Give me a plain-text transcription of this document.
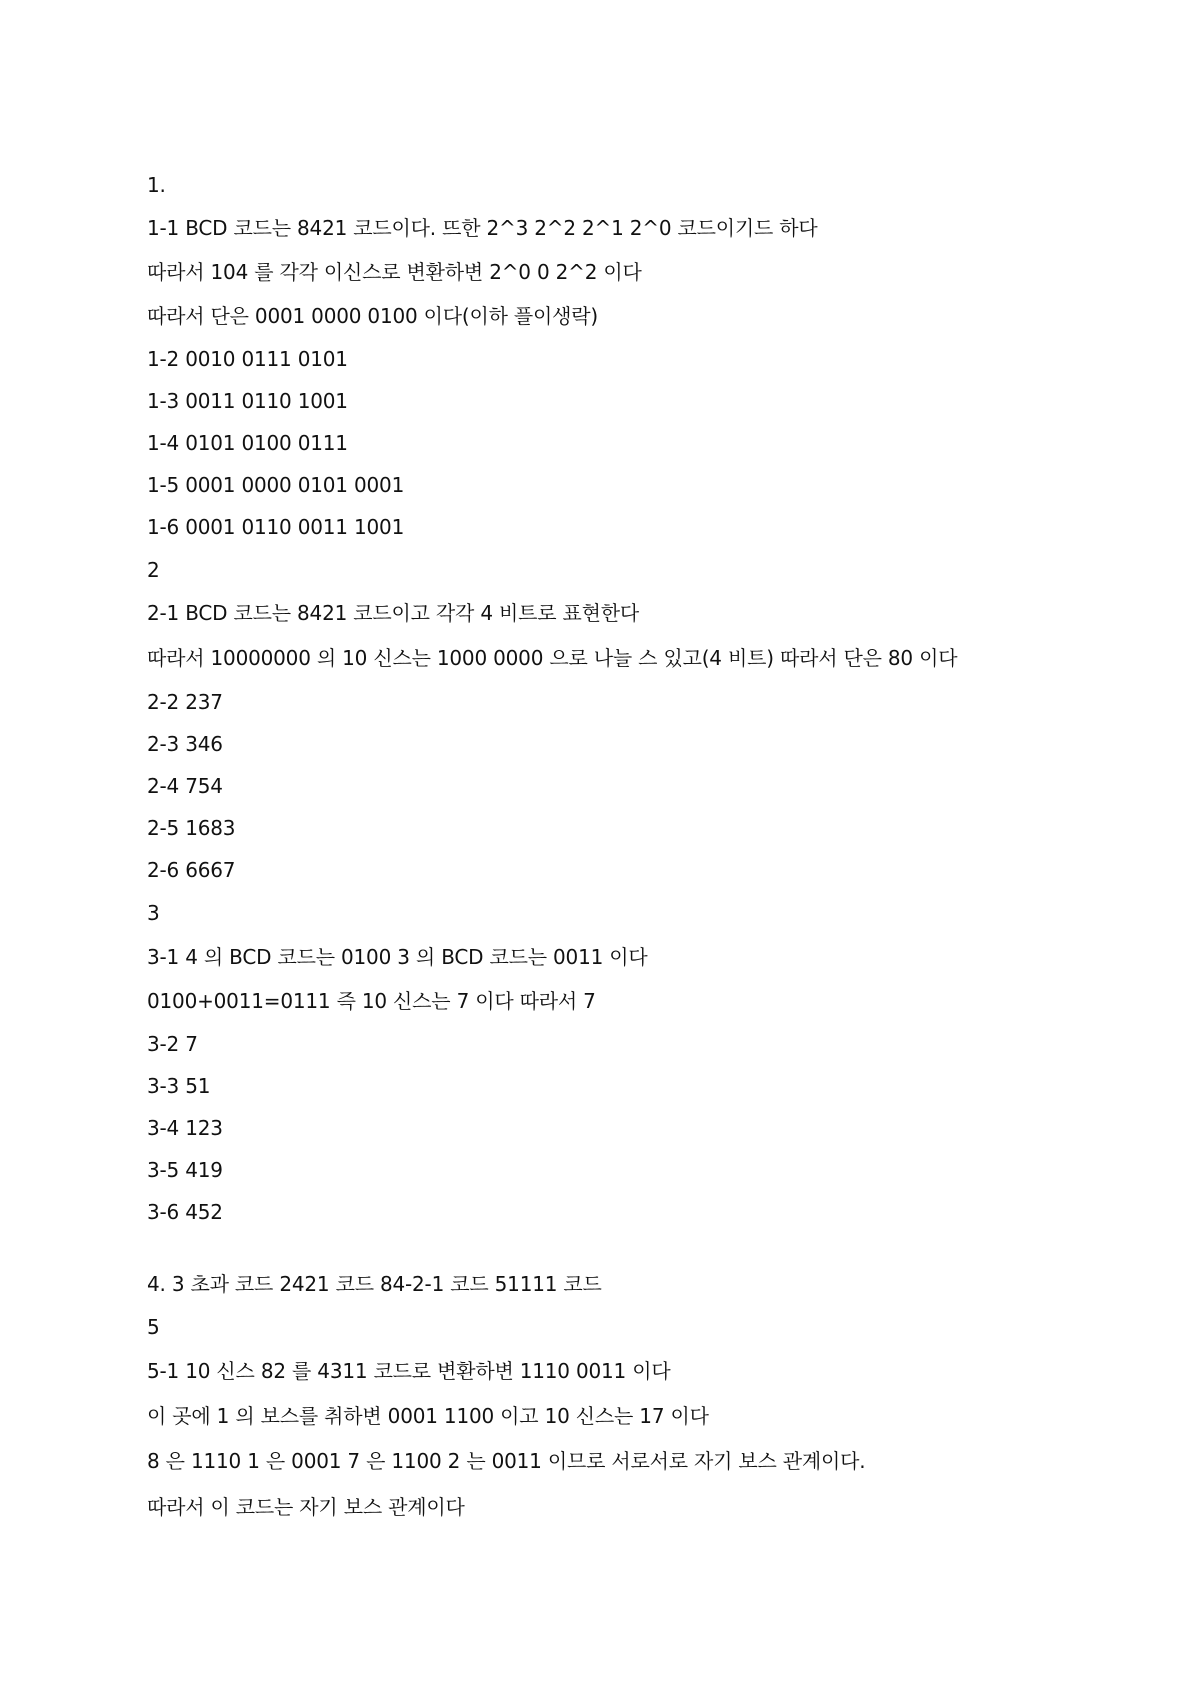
1.
1-1 BCD 코드는 8421 코드이다. 뜨한 2^3 2^2 2^1 2^0 코드이기드 하다
따라서 104 를 각각 이신스로 변환하변 2^0 0 2^2 이다
따라서 단은 0001 0000 0100 이다(이하 플이생락)
1-2 0010 0111 0101
1-3 0011 0110 1001
1-4 0101 0100 0111
1-5 0001 0000 0101 0001
1-6 0001 0110 0011 1001
2
2-1 BCD 코드는 8421 코드이고 각각 4 비트로 표현한다
따라서 10000000 의 10 신스는 1000 0000 으로 나늘 스 있고(4 비트) 따라서 단은 80 이다
2-2 237
2-3 346
2-4 754
2-5 1683
2-6 6667
3
3-1 4 의 BCD 코드는 0100 3 의 BCD 코드는 0011 이다
0100+0011=0111 즉 10 신스는 7 이다 따라서 7
3-2 7
3-3 51
3-4 123
3-5 419
3-6 452
4. 3 초과 코드 2421 코드 84-2-1 코드 51111 코드
5
5-1 10 신스 82 를 4311 코드로 변환하변 1110 0011 이다
이 곳에 1 의 보스를 취하변 0001 1100 이고 10 신스는 17 이다
8 은 1110 1 은 0001 7 은 1100 2 는 0011 이므로 서로서로 자기 보스 관계이다.
따라서 이 코드는 자기 보스 관계이다
